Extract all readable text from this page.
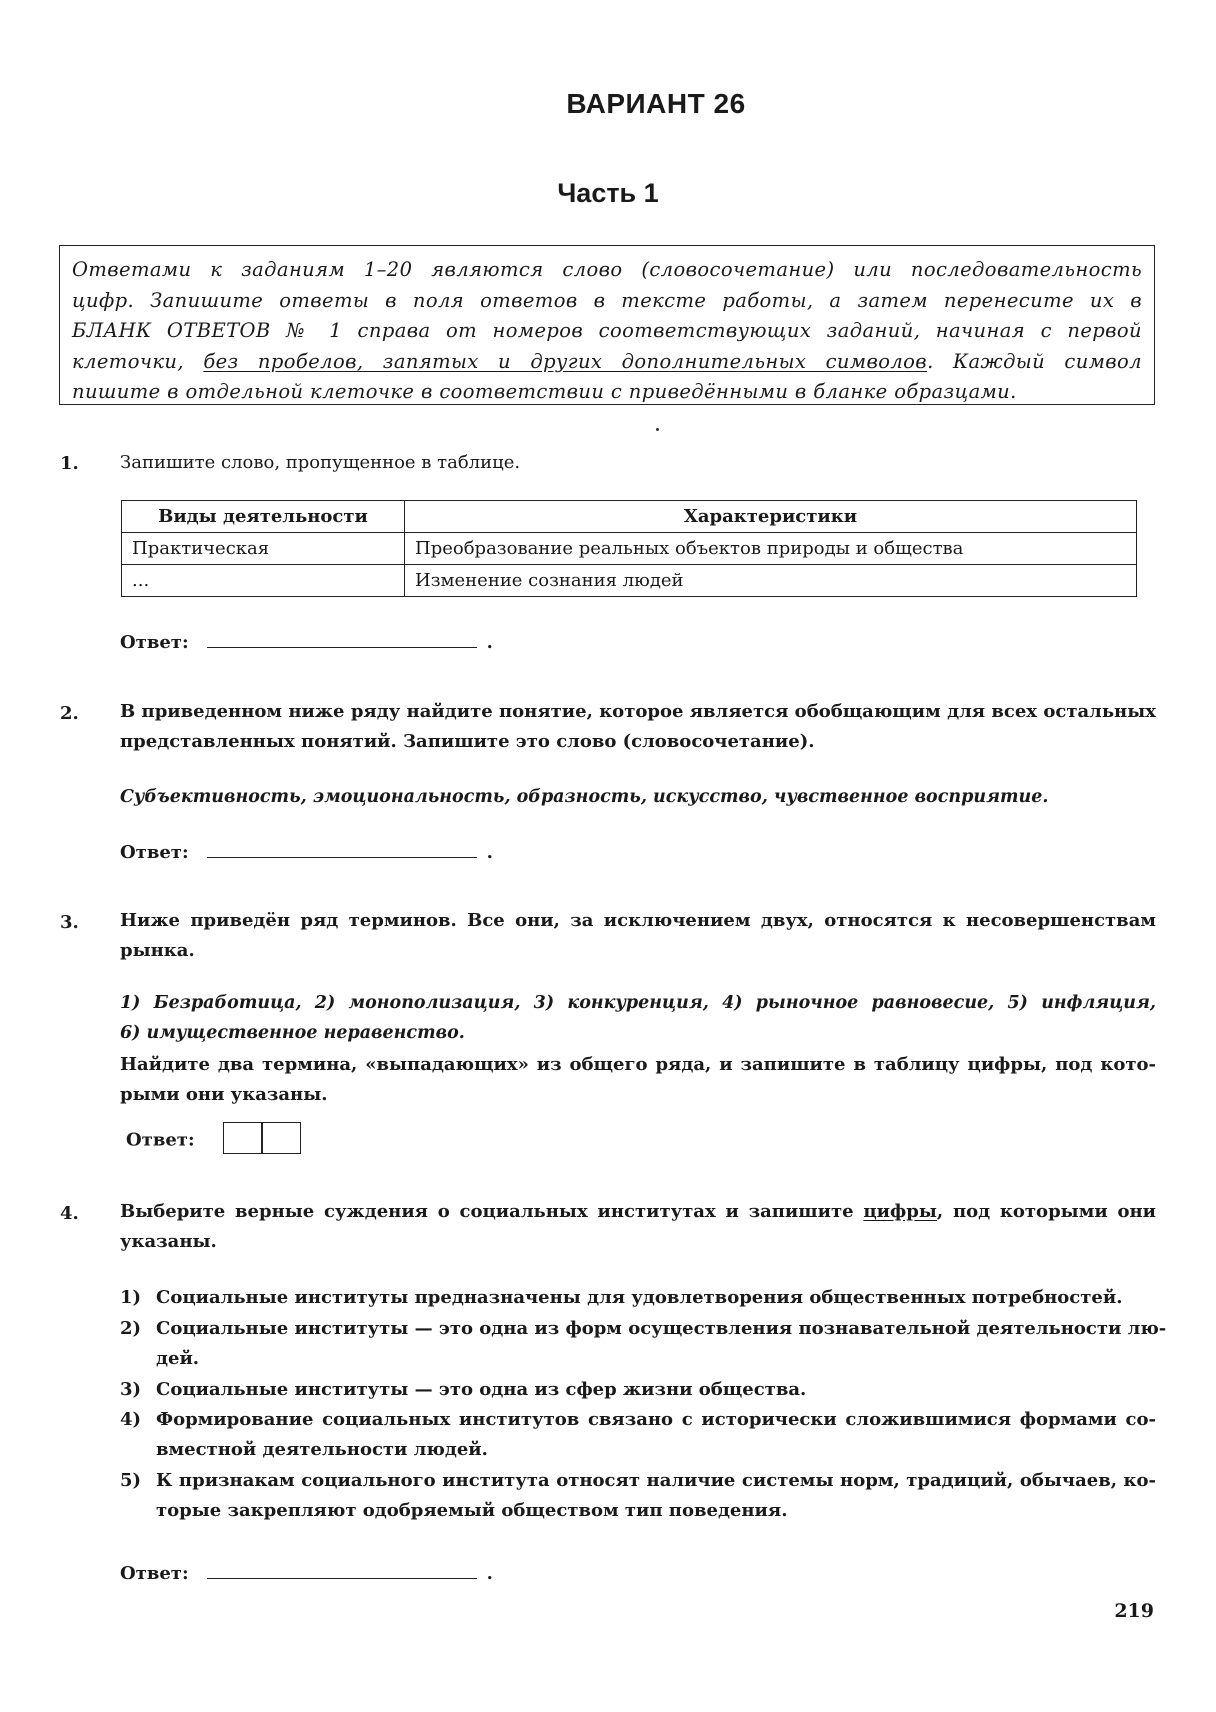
ВАРИАНТ 26
Часть 1
Ответами к заданиям 1–20 являются слово (словосочетание) или последовательность
цифр. Запишите ответы в поля ответов в тексте работы, а затем перенесите их в
БЛАНК ОТВЕТОВ № 1 справа от номеров соответствующих заданий, начиная с первой
клеточки, без пробелов, запятых и других дополнительных символов. Каждый символ
пишите в отдельной клеточке в соответствии с приведёнными в бланке образцами.
1. Запишите слово, пропущенное в таблице.
Виды деятельности	Характеристики
Практическая	Преобразование реальных объектов природы и общества
...	Изменение сознания людей
Ответ:	.
2. В приведенном ниже ряду найдите понятие, которое является обобщающим для всех остальных
представленных понятий. Запишите это слово (словосочетание).
Субъективность, эмоциональность, образность, искусство, чувственное восприятие.
Ответ:	.
3. Ниже приведён ряд терминов. Все они, за исключением двух, относятся к несовершенствам
рынка.
1) Безработица, 2) монополизация, 3) конкуренция, 4) рыночное равновесие, 5) инфляция,
6) имущественное неравенство.
Найдите два термина, «выпадающих» из общего ряда, и запишите в таблицу цифры, под кото-
рыми они указаны.
Ответ:
4. Выберите верные суждения о социальных институтах и запишите цифры, под которыми они
указаны.
1) Социальные институты предназначены для удовлетворения общественных потребностей.
2) Социальные институты — это одна из форм осуществления познавательной деятельности лю-
дей.
3) Социальные институты — это одна из сфер жизни общества.
4) Формирование социальных институтов связано с исторически сложившимися формами со-
вместной деятельности людей.
5) К признакам социального института относят наличие системы норм, традиций, обычаев, ко-
торые закрепляют одобряемый обществом тип поведения.
Ответ:	.
219
